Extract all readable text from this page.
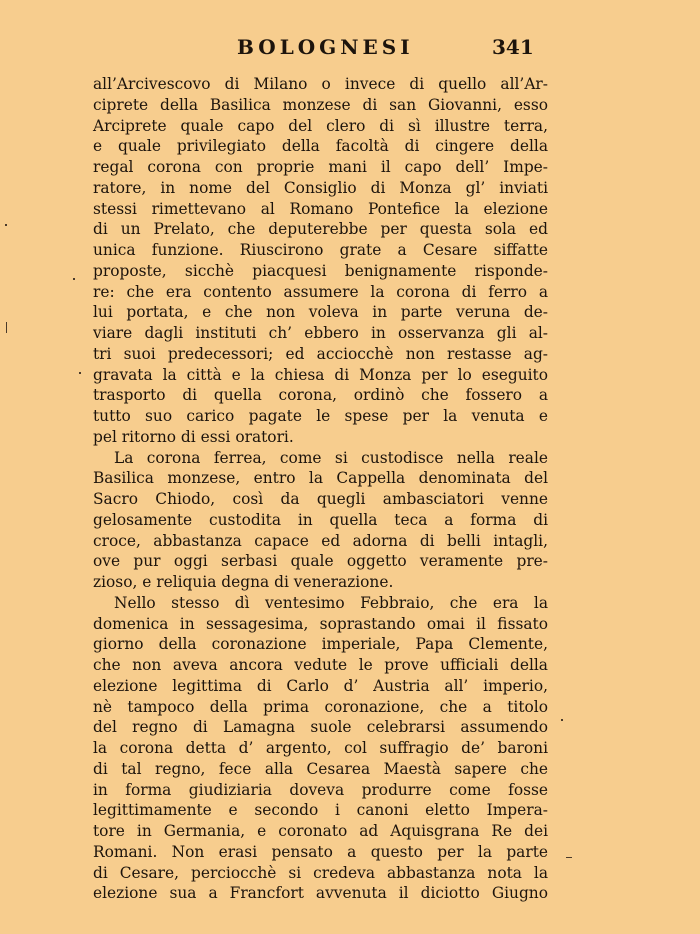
BOLOGNESI	341
all’Arcivescovo di Milano o invece di quello all’Ar-
ciprete della Basilica monzese di san Giovanni, esso
Arciprete quale capo del clero di sì illustre terra,
e quale privilegiato della facoltà di cingere della
regal corona con proprie mani il capo dell’ Impe-
ratore, in nome del Consiglio di Monza gl’ inviati
stessi rimettevano al Romano Pontefice la elezione
di un Prelato, che deputerebbe per questa sola ed
unica funzione. Riuscirono grate a Cesare siffatte
proposte, sicchè piacquesi benignamente risponde-
re: che era contento assumere la corona di ferro a
lui portata, e che non voleva in parte veruna de-
viare dagli instituti ch’ ebbero in osservanza gli al-
tri suoi predecessori; ed acciocchè non restasse ag-
gravata la città e la chiesa di Monza per lo eseguito
trasporto di quella corona, ordinò che fossero a
tutto suo carico pagate le spese per la venuta e
pel ritorno di essi oratori.
La corona ferrea, come si custodisce nella reale
Basilica monzese, entro la Cappella denominata del
Sacro Chiodo, così da quegli ambasciatori venne
gelosamente custodita in quella teca a forma di
croce, abbastanza capace ed adorna di belli intagli,
ove pur oggi serbasi quale oggetto veramente pre-
zioso, e reliquia degna di venerazione.
Nello stesso dì ventesimo Febbraio, che era la
domenica in sessagesima, soprastando omai il fissato
giorno della coronazione imperiale, Papa Clemente,
che non aveva ancora vedute le prove ufficiali della
elezione legittima di Carlo d’ Austria all’ imperio,
nè tampoco della prima coronazione, che a titolo
del regno di Lamagna suole celebrarsi assumendo
la corona detta d’ argento, col suffragio de’ baroni
di tal regno, fece alla Cesarea Maestà sapere che
in forma giudiziaria doveva produrre come fosse
legittimamente e secondo i canoni eletto Impera-
tore in Germania, e coronato ad Aquisgrana Re dei
Romani. Non erasi pensato a questo per la parte
di Cesare, perciocchè si credeva abbastanza nota la
elezione sua a Francfort avvenuta il diciotto Giugno
